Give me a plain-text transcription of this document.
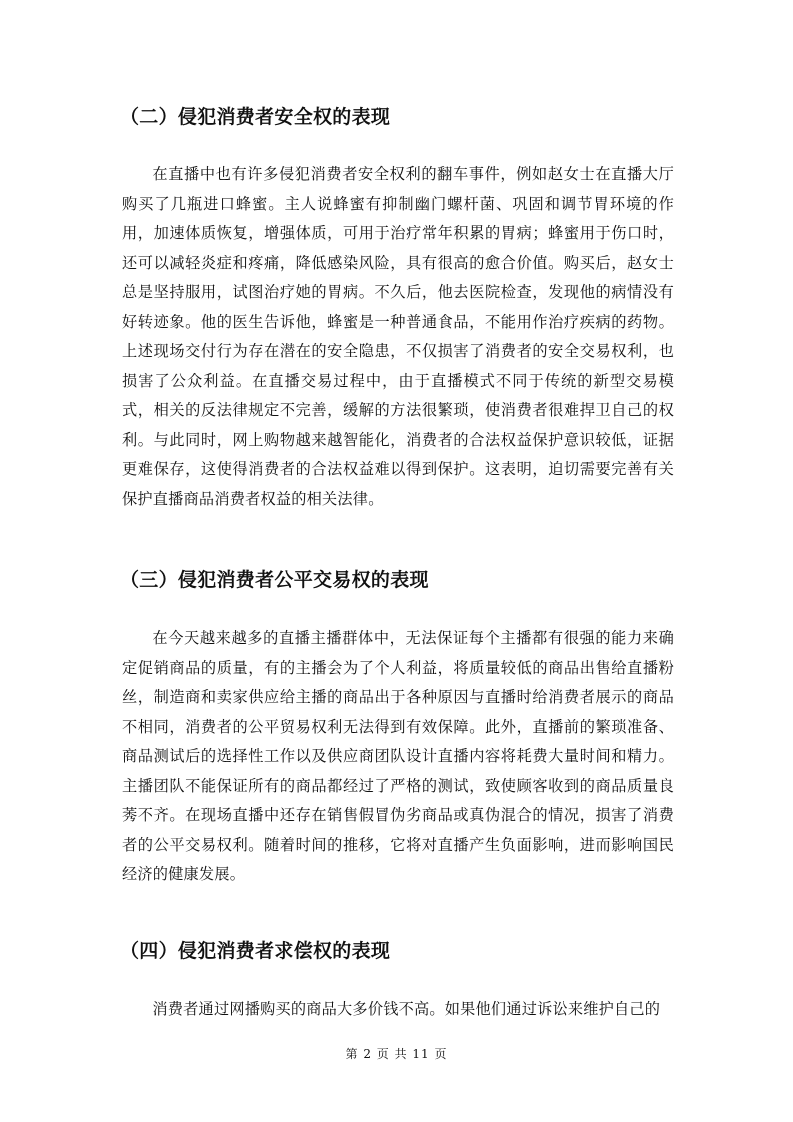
（二）侵犯消费者安全权的表现
在直播中也有许多侵犯消费者安全权利的翻车事件，例如赵女士在直播大厅购买了几瓶进口蜂蜜。主人说蜂蜜有抑制幽门螺杆菌、巩固和调节胃环境的作用，加速体质恢复，增强体质，可用于治疗常年积累的胃病；蜂蜜用于伤口时，还可以减轻炎症和疼痛，降低感染风险，具有很高的愈合价值。购买后，赵女士总是坚持服用，试图治疗她的胃病。不久后，他去医院检查，发现他的病情没有好转迹象。他的医生告诉他，蜂蜜是一种普通食品，不能用作治疗疾病的药物。上述现场交付行为存在潜在的安全隐患，不仅损害了消费者的安全交易权利，也损害了公众利益。在直播交易过程中，由于直播模式不同于传统的新型交易模式，相关的反法律规定不完善，缓解的方法很繁琐，使消费者很难捍卫自己的权利。与此同时，网上购物越来越智能化，消费者的合法权益保护意识较低，证据更难保存，这使得消费者的合法权益难以得到保护。这表明，迫切需要完善有关保护直播商品消费者权益的相关法律。
（三）侵犯消费者公平交易权的表现
在今天越来越多的直播主播群体中，无法保证每个主播都有很强的能力来确定促销商品的质量，有的主播会为了个人利益，将质量较低的商品出售给直播粉丝，制造商和卖家供应给主播的商品出于各种原因与直播时给消费者展示的商品不相同，消费者的公平贸易权利无法得到有效保障。此外，直播前的繁琐准备、商品测试后的选择性工作以及供应商团队设计直播内容将耗费大量时间和精力。主播团队不能保证所有的商品都经过了严格的测试，致使顾客收到的商品质量良莠不齐。在现场直播中还存在销售假冒伪劣商品或真伪混合的情况，损害了消费者的公平交易权利。随着时间的推移，它将对直播产生负面影响，进而影响国民经济的健康发展。
（四）侵犯消费者求偿权的表现
消费者通过网播购买的商品大多价钱不高。如果他们通过诉讼来维护自己的
第 2 页 共 11 页
